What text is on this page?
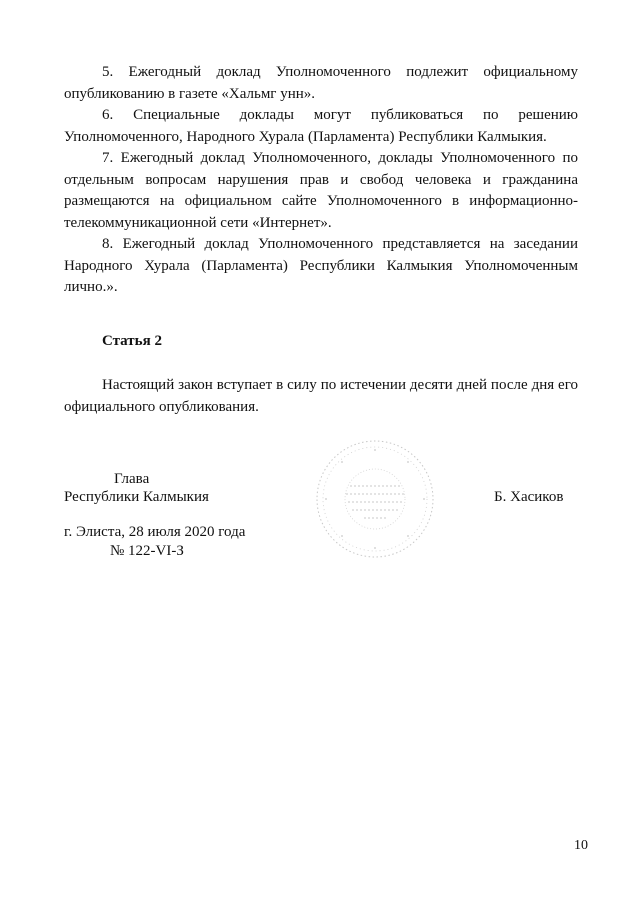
5. Ежегодный доклад Уполномоченного подлежит официальному опубликованию в газете «Хальмг унн».

6. Специальные доклады могут публиковаться по решению Уполномоченного, Народного Хурала (Парламента) Республики Калмыкия.

7. Ежегодный доклад Уполномоченного, доклады Уполномоченного по отдельным вопросам нарушения прав и свобод человека и гражданина размещаются на официальном сайте Уполномоченного в информационно-телекоммуникационной сети «Интернет».

8. Ежегодный доклад Уполномоченного представляется на заседании Народного Хурала (Парламента) Республики Калмыкия Уполномоченным лично.».

Статья 2

Настоящий закон вступает в силу по истечении десяти дней после дня его официального опубликования.

Глава

Республики Калмыкия	Б. Хасиков

г. Элиста, 28 июля 2020 года

№ 122-VI-З

10
